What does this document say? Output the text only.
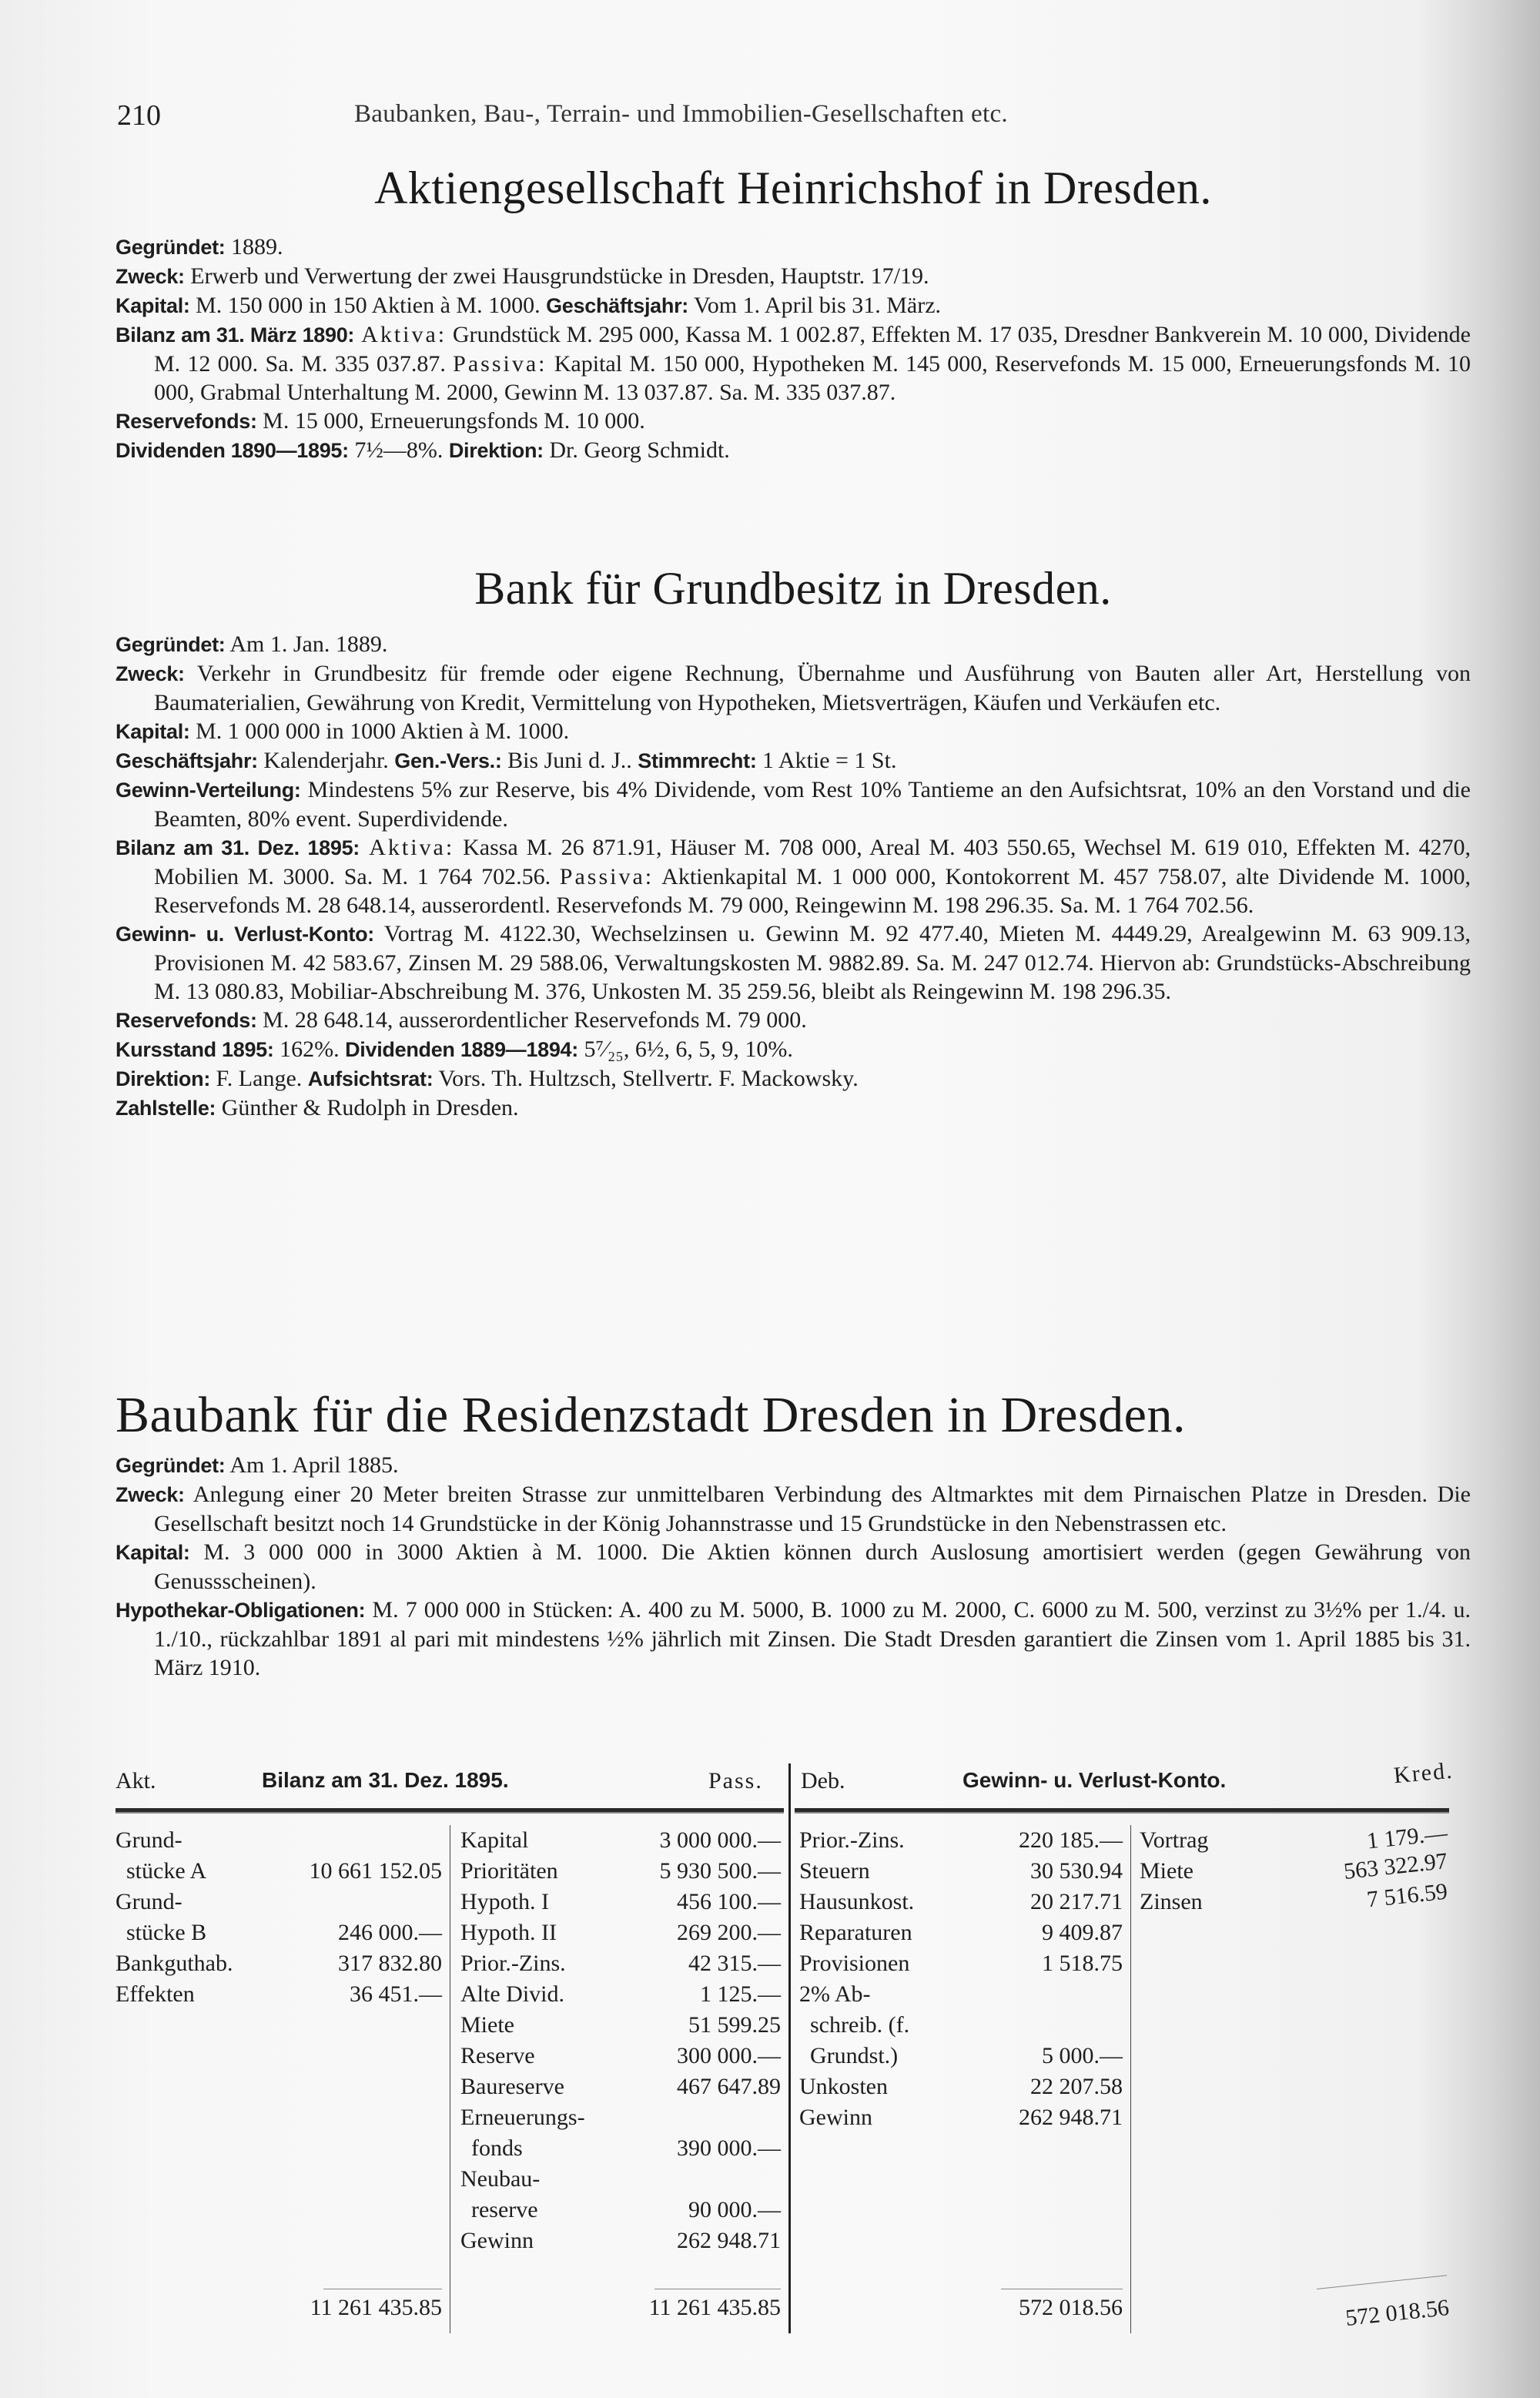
210	Baubanken, Bau-, Terrain- und Immobilien-Gesellschaften etc.
Aktiengesellschaft Heinrichshof in Dresden.

Gegründet: 1889.

Zweck: Erwerb und Verwertung der zwei Hausgrundstücke in Dresden, Hauptstr. 17/19.

Kapital: M. 150 000 in 150 Aktien à M. 1000. Geschäftsjahr: Vom 1. April bis 31. März.

Bilanz am 31. März 1890: Aktiva: Grundstück M. 295 000, Kassa M. 1 002.87, Effekten M. 17 035, Dresdner Bankverein M. 10 000, Dividende M. 12 000. Sa. M. 335 037.87. Passiva: Kapital M. 150 000, Hypotheken M. 145 000, Reservefonds M. 15 000, Erneuerungsfonds M. 10 000, Grabmal Unterhaltung M. 2000, Gewinn M. 13 037.87. Sa. M. 335 037.87.

Reservefonds: M. 15 000, Erneuerungsfonds M. 10 000.

Dividenden 1890—1895: 7½—8%. Direktion: Dr. Georg Schmidt.

Bank für Grundbesitz in Dresden.

Gegründet: Am 1. Jan. 1889.

Zweck: Verkehr in Grundbesitz für fremde oder eigene Rechnung, Übernahme und Ausführung von Bauten aller Art, Herstellung von Baumaterialien, Gewährung von Kredit, Vermittelung von Hypotheken, Mietsverträgen, Käufen und Verkäufen etc.

Kapital: M. 1 000 000 in 1000 Aktien à M. 1000.

Geschäftsjahr: Kalenderjahr. Gen.-Vers.: Bis Juni d. J.. Stimmrecht: 1 Aktie = 1 St.

Gewinn-Verteilung: Mindestens 5% zur Reserve, bis 4% Dividende, vom Rest 10% Tantieme an den Aufsichtsrat, 10% an den Vorstand und die Beamten, 80% event. Superdividende.

Bilanz am 31. Dez. 1895: Aktiva: Kassa M. 26 871.91, Häuser M. 708 000, Areal M. 403 550.65, Wechsel M. 619 010, Effekten M. 4270, Mobilien M. 3000. Sa. M. 1 764 702.56. Passiva: Aktienkapital M. 1 000 000, Kontokorrent M. 457 758.07, alte Dividende M. 1000, Reservefonds M. 28 648.14, ausserordentl. Reservefonds M. 79 000, Reingewinn M. 198 296.35. Sa. M. 1 764 702.56.

Gewinn- u. Verlust-Konto: Vortrag M. 4122.30, Wechselzinsen u. Gewinn M. 92 477.40, Mieten M. 4449.29, Arealgewinn M. 63 909.13, Provisionen M. 42 583.67, Zinsen M. 29 588.06, Verwaltungskosten M. 9882.89. Sa. M. 247 012.74. Hiervon ab: Grundstücks-Abschreibung M. 13 080.83, Mobiliar-Abschreibung M. 376, Unkosten M. 35 259.56, bleibt als Reingewinn M. 198 296.35.

Reservefonds: M. 28 648.14, ausserordentlicher Reservefonds M. 79 000.

Kursstand 1895: 162%. Dividenden 1889—1894: 5⁷⁄₂₅, 6½, 6, 5, 9, 10%.

Direktion: F. Lange. Aufsichtsrat: Vors. Th. Hultzsch, Stellvertr. F. Mackowsky.

Zahlstelle: Günther & Rudolph in Dresden.

Baubank für die Residenzstadt Dresden in Dresden.

Gegründet: Am 1. April 1885.

Zweck: Anlegung einer 20 Meter breiten Strasse zur unmittelbaren Verbindung des Altmarktes mit dem Pirnaischen Platze in Dresden. Die Gesellschaft besitzt noch 14 Grundstücke in der König Johannstrasse und 15 Grundstücke in den Nebenstrassen etc.

Kapital: M. 3 000 000 in 3000 Aktien à M. 1000. Die Aktien können durch Auslosung amortisiert werden (gegen Gewährung von Genussscheinen).

Hypothekar-Obligationen: M. 7 000 000 in Stücken: A. 400 zu M. 5000, B. 1000 zu M. 2000, C. 6000 zu M. 500, verzinst zu 3½% per 1./4. u. 1./10., rückzahlbar 1891 al pari mit mindestens ½% jährlich mit Zinsen. Die Stadt Dresden garantiert die Zinsen vom 1. April 1885 bis 31. März 1910.

Akt.	Bilanz am 31. Dez. 1895.	Pass. Deb.	Gewinn- u. Verlust-Konto.	Kred.
Grund-
stücke A	10 661 152.05
Grund-
stücke B	246 000.—
Bankguthab.	317 832.80
Effekten	36 451.—
Kapital	3 000 000.—
Prioritäten	5 930 500.—
Hypoth. I	456 100.—
Hypoth. II	269 200.—
Prior.-Zins.	42 315.—
Alte Divid.	1 125.—
Miete	51 599.25
Reserve	300 000.—
Baureserve	467 647.89
Erneuerungs-
fonds	390 000.—
Neubau-
reserve	90 000.—
Gewinn	262 948.71
Prior.-Zins.	220 185.—
Steuern	30 530.94
Hausunkost.	20 217.71
Reparaturen	9 409.87
Provisionen	1 518.75
2% Ab-
schreib. (f.
Grundst.)	5 000.—
Unkosten	22 207.58
Gewinn	262 948.71
Vortrag	1 179.—
Miete	563 322.97
Zinsen	7 516.59
11 261 435.85	11 261 435.85	572 018.56	572 018.56
